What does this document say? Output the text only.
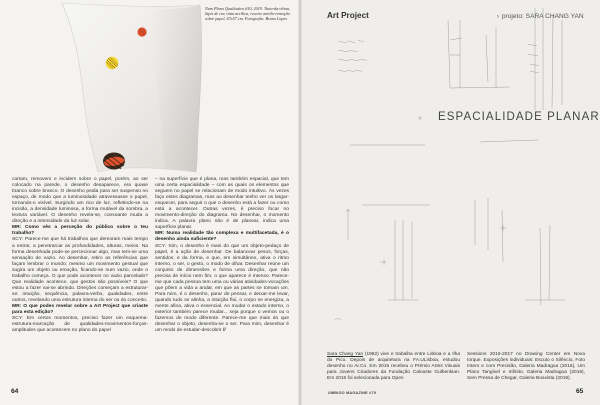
Num Plano Qualitativo #10, 2019. Tinta-da-china, lápis de cor, tinta acrílica, recorte minilo-remoção sobre papel, 67x57 cm. Fotografia: Bruno Lopes

cortam, removem e incidem sobre o papel, porém, ao ser colocado na parede, o desenho desaparece, era quase branco sobre branco. O desenho pedia para ser suspenso no espaço, de modo que a luminosidade atravessasse o papel, tornando-o visível. Surgindo um rico de luz, refletindo-se na incisão, a densidade luminosa, a forma mutável da sombra, a textura variável. O desenho revela-se, consoante muda a direção e a intensidade da luz solar.

MR: Como vês a perceção do público sobre o teu trabalho?

SCY: Parece-me que há trabalhos que demoram mais tempo a entrar, a penetrarcar as profundidades, alturas, meios. Na forma desenhada pode-se percecionar algo, mas tem-se uma sensação de vazio. Ao desenhar, retiro as referências que façam lembrar o mundo; mesmo um movimento gestual que sugira um objeto ou emoção, ficando-se num vazio, onde o trabalho começa. O que pode acontecer no vazio parcelado? Que realidade acontece, que gestos são possíveis? O que estou a fazer vai-se abrindo. Direções começam a estruturar-se: intuição, sequência, palavra-verbo, qualidades, entre outros, revelando uma estrutura interna do ser ou do conceito.

MR: O que podes revelar sobre a Art Project que criaste para esta edição?

SCY: Em certos momentos, preciso fazer um esquema-estrutura-marcação de qualidades-movimentos-forças-amplitudes que acontecem no plano do papel

– na superfície que é plana, mas também espacial, que tem uma certa espacialidade – com as quais os elementos que seguem no papel se relacionam de modo intuitivo. Às vezes faço estes diagramas, mas ao desenhar tenho ver os largar-esquecer, para seguir o que o desenho está a fazer ou como está a acontecer. Outras vezes, é preciso focar no movimento-direção do diagrama. No desenhar, o momento indica. A palavra plano não é de planear, indica uma superfície planar.

MR: Numa realidade tão complexa e multifacetada, é o desenho ainda suficiente?

SCY: Sim, o desenho é mais do que um objeto-pedaço de papel, é a ação de desenhar. De balancear pesos, forças, sentidos, e da forma, e que, em simultâneo, ativa o ritmo interno, o ser, o gesto, o modo de olhar. Desenhar reúne um conjunto de dimensões e forma uma direção, que não precisa de início nem fim, o que aparece é intenso. Parece-me que cada pessoa tem uma ou várias atividades-vocações que põem a vida a andar, em que as partes se tornam um. Para mim, é o desenho, parar de pensar, e deixar-me levar, quando tudo se alinha, a intuição flui, o corpo se energiza, a mente afina, ativa o essencial. Ao mudar o estado interno, o exterior também parece mudar... seja porque o vemos ou o fazemos de modo diferente. Parece-me que mais do que desenhar o objeto, desenha-se o ser. Para mim, desenhar é um modo de estudar-descobrir //

64
Art Project	› projeto: SARA CHANG YAN
ESPACIALIDADE PLANAR
Sara Chang Yan (1982) vive e trabalha entre Lisboa e a Ilha do Pico. Depois de arquitetura na FA.ULisboa, estudou desenho no Ar.Co. Em 2015 recebeu o Prémio Artes Visuais para Jovens Criadores da Fundação Calouste Gulbenkian. Em 2016 foi selecionada para Open
Sessions 2016-2017 no Drawing Center em Nova Iorque. Exposições individuais: Escuto o Silêncio, Foto Intero e com Precisão, Galeria Madragoa (2016), Um Plano Tangível e Infinito, Galeria Madragoa (2018), Sem Pressa de Chegar, Galeria Boavista (2019).
UMBIGO MAGAZINE #79	65
